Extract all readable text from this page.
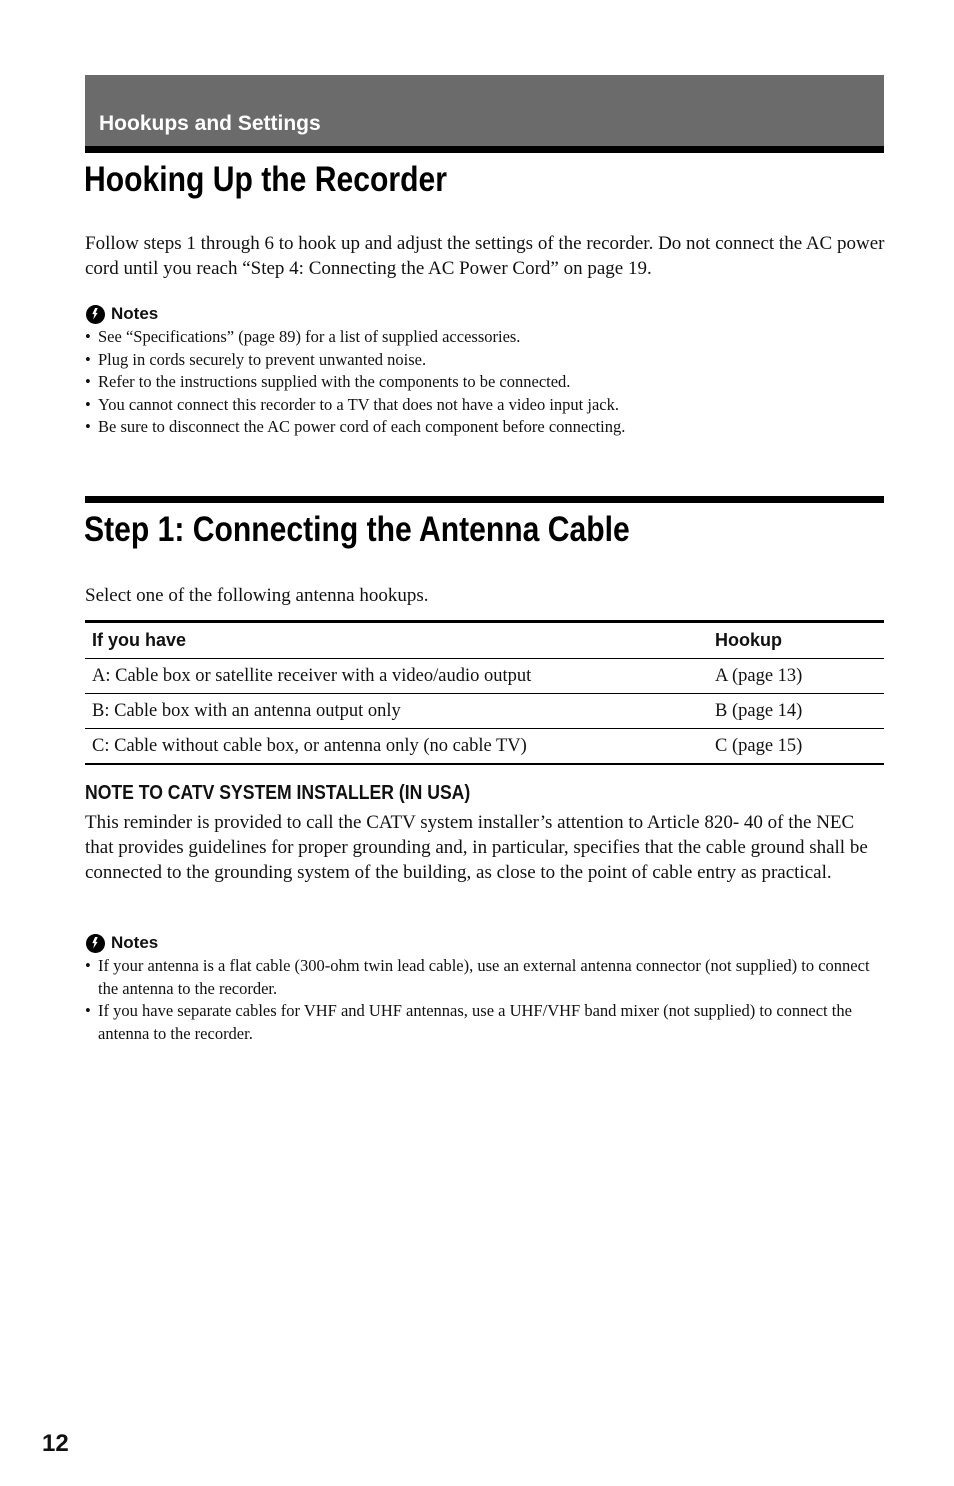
Hookups and Settings
Hooking Up the Recorder

Follow steps 1 through 6 to hook up and adjust the settings of the recorder. Do not connect the AC power cord until you reach “Step 4: Connecting the AC Power Cord” on page 19.

Notes
• See “Specifications” (page 89) for a list of supplied accessories.
• Plug in cords securely to prevent unwanted noise.
• Refer to the instructions supplied with the components to be connected.
• You cannot connect this recorder to a TV that does not have a video input jack.
• Be sure to disconnect the AC power cord of each component before connecting.
Step 1: Connecting the Antenna Cable

Select one of the following antenna hookups.

If you have	Hookup
A: Cable box or satellite receiver with a video/audio output	A (page 13)
B: Cable box with an antenna output only	B (page 14)
C: Cable without cable box, or antenna only (no cable TV)	C (page 15)
NOTE TO CATV SYSTEM INSTALLER (IN USA)

This reminder is provided to call the CATV system installer’s attention to Article 820- 40 of the NEC that provides guidelines for proper grounding and, in particular, specifies that the cable ground shall be connected to the grounding system of the building, as close to the point of cable entry as practical.

Notes
• If your antenna is a flat cable (300-ohm twin lead cable), use an external antenna connector (not supplied) to connect the antenna to the recorder.
• If you have separate cables for VHF and UHF antennas, use a UHF/VHF band mixer (not supplied) to connect the antenna to the recorder.
12
